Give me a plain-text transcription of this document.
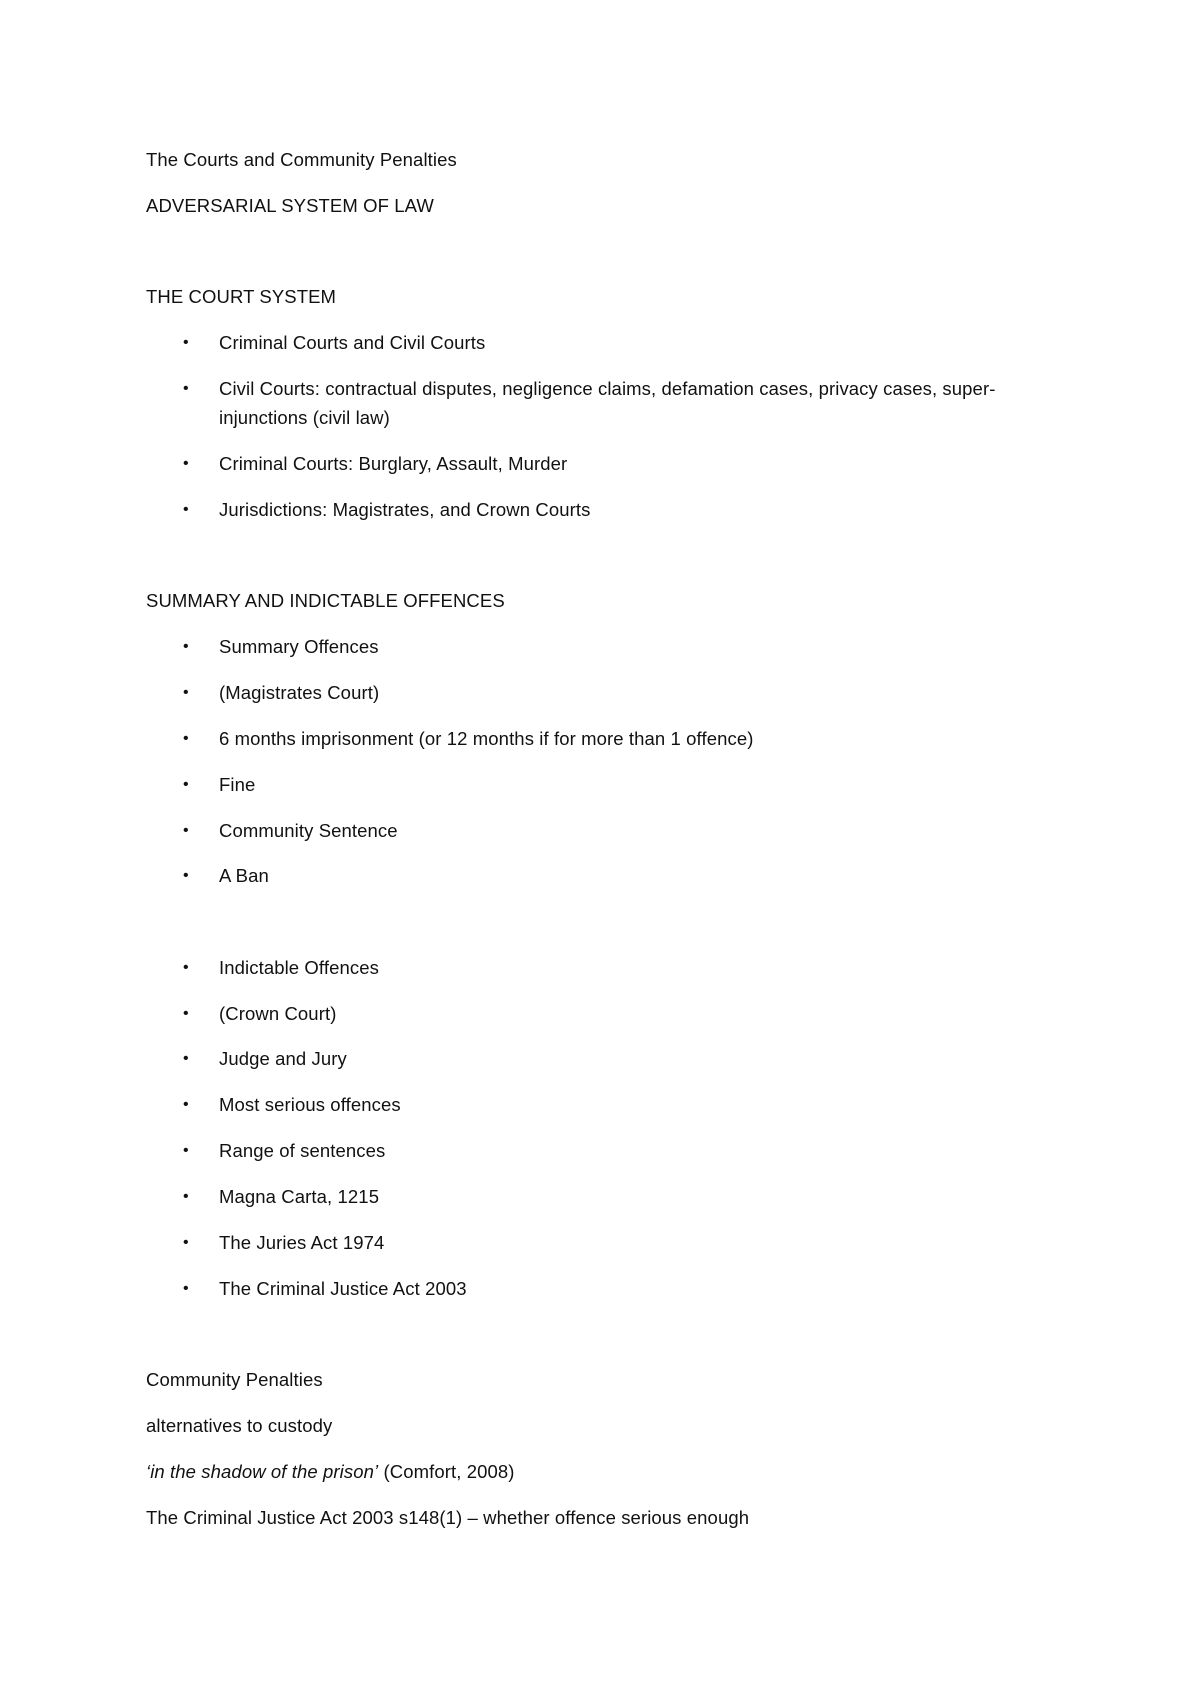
The Courts and Community Penalties
ADVERSARIAL SYSTEM OF LAW
THE COURT SYSTEM
• Criminal Courts and Civil Courts
• Civil Courts: contractual disputes, negligence claims, defamation cases, privacy cases, super-
injunctions (civil law)
• Criminal Courts: Burglary, Assault, Murder
• Jurisdictions: Magistrates, and Crown Courts
SUMMARY AND INDICTABLE OFFENCES
• Summary Offences
• (Magistrates Court)
• 6 months imprisonment (or 12 months if for more than 1 offence)
• Fine
• Community Sentence
• A Ban
• Indictable Offences
• (Crown Court)
• Judge and Jury
• Most serious offences
• Range of sentences
• Magna Carta, 1215
• The Juries Act 1974
• The Criminal Justice Act 2003
Community Penalties
alternatives to custody
‘in the shadow of the prison’ (Comfort, 2008)
The Criminal Justice Act 2003 s148(1) – whether offence serious enough
